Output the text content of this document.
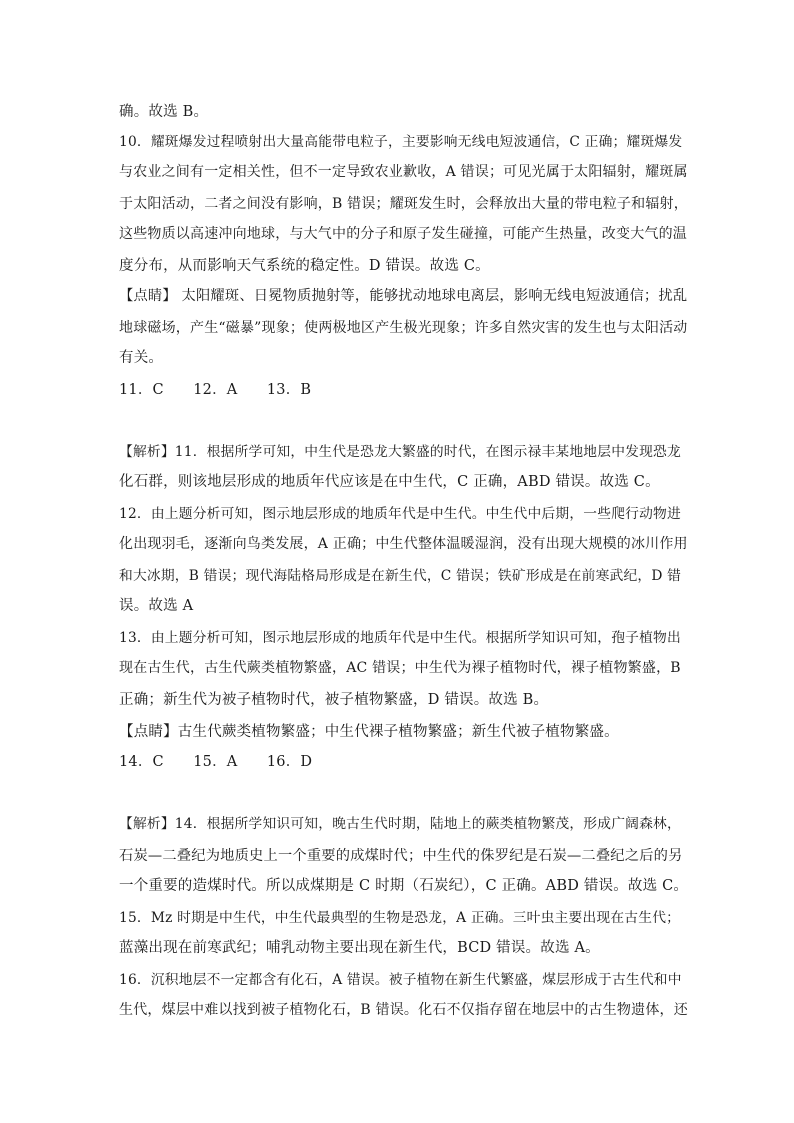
确。故选 B。
10．耀斑爆发过程喷射出大量高能带电粒子，主要影响无线电短波通信，C 正确；耀斑爆发
与农业之间有一定相关性，但不一定导致农业歉收，A 错误；可见光属于太阳辐射，耀斑属
于太阳活动，二者之间没有影响，B 错误；耀斑发生时，会释放出大量的带电粒子和辐射，
这些物质以高速冲向地球，与大气中的分子和原子发生碰撞，可能产生热量，改变大气的温
度分布，从而影响天气系统的稳定性。D 错误。故选 C。
【点睛】 太阳耀斑、日冕物质抛射等，能够扰动地球电离层，影响无线电短波通信；扰乱
地球磁场，产生“磁暴”现象；使两极地区产生极光现象；许多自然灾害的发生也与太阳活动
有关。
11．C　　12．A　　13．B
【解析】11．根据所学可知，中生代是恐龙大繁盛的时代，在图示禄丰某地地层中发现恐龙
化石群，则该地层形成的地质年代应该是在中生代，C 正确，ABD 错误。故选 C。
12．由上题分析可知，图示地层形成的地质年代是中生代。中生代中后期，一些爬行动物进
化出现羽毛，逐渐向鸟类发展，A 正确；中生代整体温暖湿润，没有出现大规模的冰川作用
和大冰期，B 错误；现代海陆格局形成是在新生代，C 错误；铁矿形成是在前寒武纪，D 错
误。故选 A
13．由上题分析可知，图示地层形成的地质年代是中生代。根据所学知识可知，孢子植物出
现在古生代，古生代蕨类植物繁盛，AC 错误；中生代为裸子植物时代，裸子植物繁盛，B
正确；新生代为被子植物时代，被子植物繁盛，D 错误。故选 B。
【点睛】古生代蕨类植物繁盛；中生代裸子植物繁盛；新生代被子植物繁盛。
14．C　　15．A　　16．D
【解析】14．根据所学知识可知，晚古生代时期，陆地上的蕨类植物繁茂，形成广阔森林，
石炭—二叠纪为地质史上一个重要的成煤时代；中生代的侏罗纪是石炭—二叠纪之后的另
一个重要的造煤时代。所以成煤期是 C 时期（石炭纪），C 正确。ABD 错误。故选 C。
15．Mz 时期是中生代，中生代最典型的生物是恐龙，A 正确。三叶虫主要出现在古生代；
蓝藻出现在前寒武纪；哺乳动物主要出现在新生代，BCD 错误。故选 A。
16．沉积地层不一定都含有化石，A 错误。被子植物在新生代繁盛，煤层形成于古生代和中
生代，煤层中难以找到被子植物化石，B 错误。化石不仅指存留在地层中的古生物遗体，还
